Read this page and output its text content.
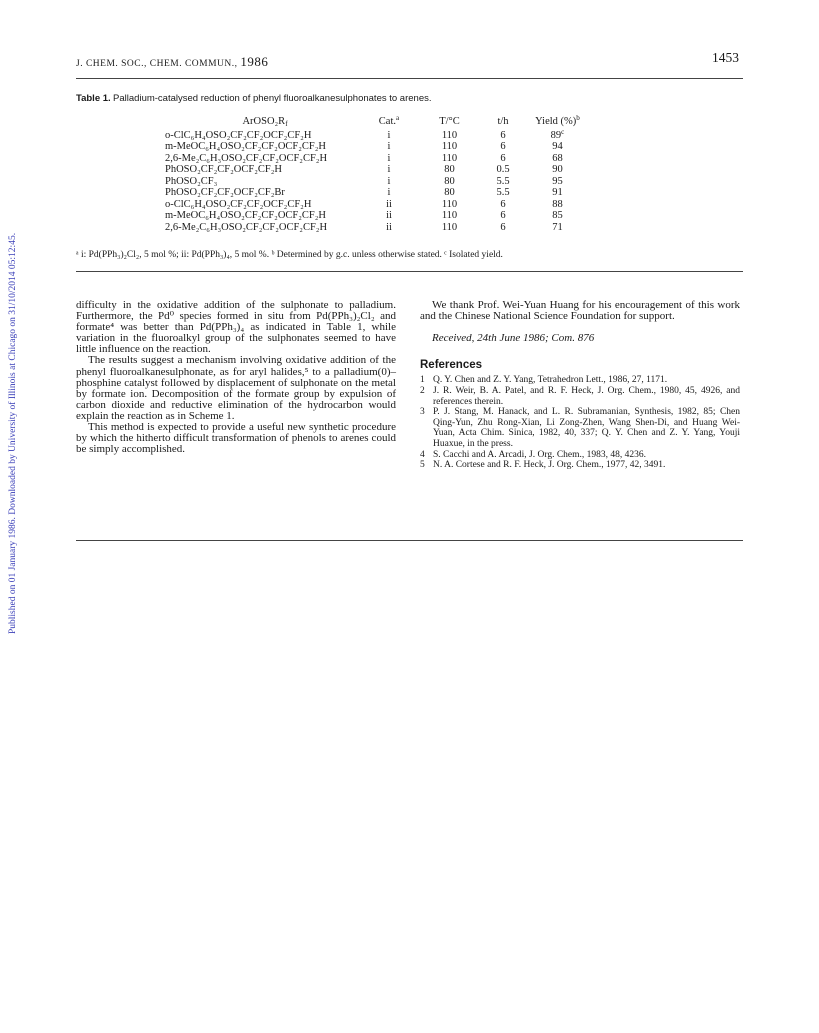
Published on 01 January 1986. Downloaded by University of Illinois at Chicago on 31/10/2014 05:12:45.
J. CHEM. SOC., CHEM. COMMUN., 1986	1453
Table 1. Palladium-catalysed reduction of phenyl fluoroalkanesulphonates to arenes.
$ArOSO_2R_f$	Cat.$^a$	T/°C	t/h	Yield (%)$^b$
o-ClC₆H₄OSO₂CF₂CF₂OCF₂CF₂H	i	110	6	89$^c$
m-MeOC₆H₄OSO₂CF₂CF₂OCF₂CF₂H	i	110	6	94
2,6-Me₂C₆H₃OSO₂CF₂CF₂OCF₂CF₂H	i	110	6	68
PhOSO₂CF₂CF₂OCF₂CF₂H	i	80	0.5	90
PhOSO₂CF₃	i	80	5.5	95
PhOSO₂CF₂CF₂OCF₂CF₂Br	i	80	5.5	91
o-ClC₆H₄OSO₂CF₂CF₂OCF₂CF₂H	ii	110	6	88
m-MeOC₆H₄OSO₂CF₂CF₂OCF₂CF₂H	ii	110	6	85
2,6-Me₂C₆H₃OSO₂CF₂CF₂OCF₂CF₂H	ii	110	6	71
ᵃ i: Pd(PPh₃)₂Cl₂, 5 mol %; ii: Pd(PPh₃)₄, 5 mol %. ᵇ Determined by g.c. unless otherwise stated. ᶜ Isolated yield.

difficulty in the oxidative addition of the sulphonate to palladium. Furthermore, the Pd⁰ species formed in situ from Pd(PPh₃)₂Cl₂ and formate⁴ was better than Pd(PPh₃)₄ as indicated in Table 1, while variation in the fluoroalkyl group of the sulphonates seemed to have little influence on the reaction.

The results suggest a mechanism involving oxidative addition of the phenyl fluoroalkanesulphonate, as for aryl halides,⁵ to a palladium(0)–phosphine catalyst followed by displacement of sulphonate on the metal by formate ion. Decomposition of the formate group by expulsion of carbon dioxide and reductive elimination of the hydrocarbon would explain the reaction as in Scheme 1.

This method is expected to provide a useful new synthetic procedure by which the hitherto difficult transformation of phenols to arenes could be simply accomplished.

We thank Prof. Wei-Yuan Huang for his encouragement of this work and the Chinese National Science Foundation for support.

Received, 24th June 1986; Com. 876

References

1 Q. Y. Chen and Z. Y. Yang, Tetrahedron Lett., 1986, 27, 1171.
2 J. R. Weir, B. A. Patel, and R. F. Heck, J. Org. Chem., 1980, 45, 4926, and references therein.
3 P. J. Stang, M. Hanack, and L. R. Subramanian, Synthesis, 1982, 85; Chen Qing-Yun, Zhu Rong-Xian, Li Zong-Zhen, Wang Shen-Di, and Huang Wei-Yuan, Acta Chim. Sinica, 1982, 40, 337; Q. Y. Chen and Z. Y. Yang, Youji Huaxue, in the press.
4 S. Cacchi and A. Arcadi, J. Org. Chem., 1983, 48, 4236.
5 N. A. Cortese and R. F. Heck, J. Org. Chem., 1977, 42, 3491.
